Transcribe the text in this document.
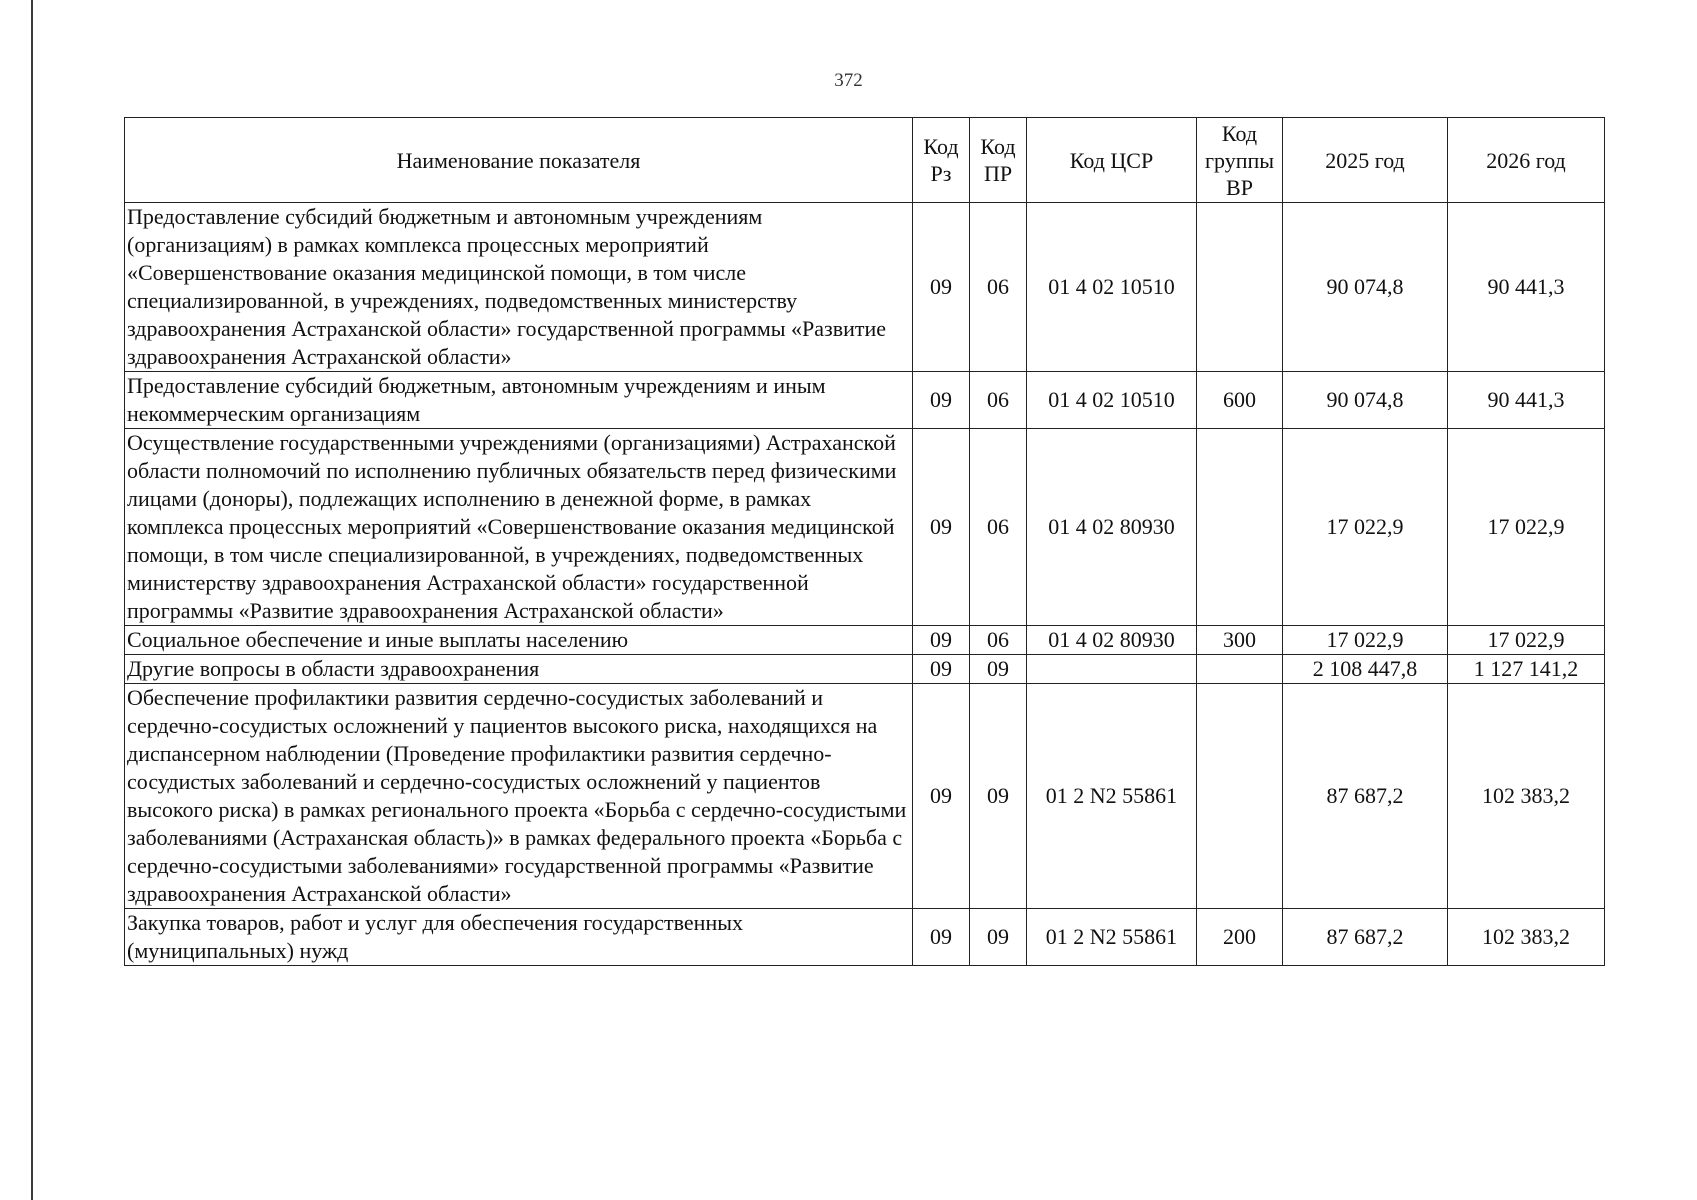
372
Наименование показателя	Код Рз	Код ПР	Код ЦСР	Код группы ВР	2025 год	2026 год
Предоставление субсидий бюджетным и автономным учреждениям (организациям) в рамках комплекса процессных мероприятий «Совершенствование оказания медицинской помощи, в том числе специализированной, в учреждениях, подведомственных министерству здравоохранения Астраханской области» государственной программы «Развитие здравоохранения Астраханской области»	09	06	01 4 02 10510		90 074,8	90 441,3
Предоставление субсидий бюджетным, автономным учреждениям и иным некоммерческим организациям	09	06	01 4 02 10510	600	90 074,8	90 441,3
Осуществление государственными учреждениями (организациями) Астраханской области полномочий по исполнению публичных обязательств перед физическими лицами (доноры), подлежащих исполнению в денежной форме, в рамках комплекса процессных мероприятий «Совершенствование оказания медицинской помощи, в том числе специализированной, в учреждениях, подведомственных министерству здравоохранения Астраханской области» государственной программы «Развитие здравоохранения Астраханской области»	09	06	01 4 02 80930		17 022,9	17 022,9
Социальное обеспечение и иные выплаты населению	09	06	01 4 02 80930	300	17 022,9	17 022,9
Другие вопросы в области здравоохранения	09	09			2 108 447,8	1 127 141,2
Обеспечение профилактики развития сердечно-сосудистых заболеваний и сердечно-сосудистых осложнений у пациентов высокого риска, находящихся на диспансерном наблюдении (Проведение профилактики развития сердечно-сосудистых заболеваний и сердечно-сосудистых осложнений у пациентов высокого риска) в рамках регионального проекта «Борьба с сердечно-сосудистыми заболеваниями (Астраханская область)» в рамках федерального проекта «Борьба с сердечно-сосудистыми заболеваниями» государственной программы «Развитие здравоохранения Астраханской области»	09	09	01 2 N2 55861		87 687,2	102 383,2
Закупка товаров, работ и услуг для обеспечения государственных (муниципальных) нужд	09	09	01 2 N2 55861	200	87 687,2	102 383,2
